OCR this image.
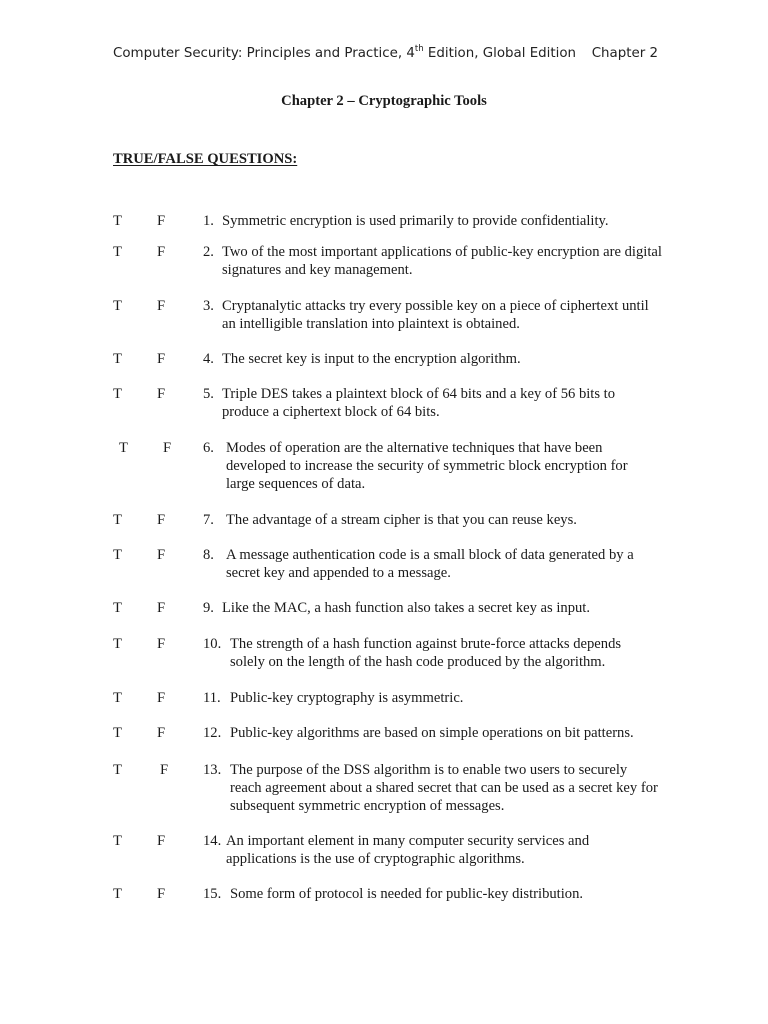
Computer Security: Principles and Practice, 4th Edition, Global Edition Chapter 2
Chapter 2 – Cryptographic Tools
TRUE/FALSE QUESTIONS:
T F	1. Symmetric encryption is used primarily to provide confidentiality.
T F	2. Two of the most important applications of public-key encryption are digital signatures and key management.
T F	3. Cryptanalytic attacks try every possible key on a piece of ciphertext until an intelligible translation into plaintext is obtained.
T F	4. The secret key is input to the encryption algorithm.
T F	5. Triple DES takes a plaintext block of 64 bits and a key of 56 bits to produce a ciphertext block of 64 bits.
T F 6. Modes of operation are the alternative techniques that have been developed to increase the security of symmetric block encryption for large sequences of data.
T F	7. The advantage of a stream cipher is that you can reuse keys.
T F	8. A message authentication code is a small block of data generated by a secret key and appended to a message.
T F	9. Like the MAC, a hash function also takes a secret key as input.
T F	10. The strength of a hash function against brute-force attacks depends solely on the length of the hash code produced by the algorithm.
T F	11. Public-key cryptography is asymmetric.
T F	12. Public-key algorithms are based on simple operations on bit patterns.
T	F 13. The purpose of the DSS algorithm is to enable two users to securely reach agreement about a shared secret that can be used as a secret key for subsequent symmetric encryption of messages.
T F	14. An important element in many computer security services and applications is the use of cryptographic algorithms.
T F	15. Some form of protocol is needed for public-key distribution.
